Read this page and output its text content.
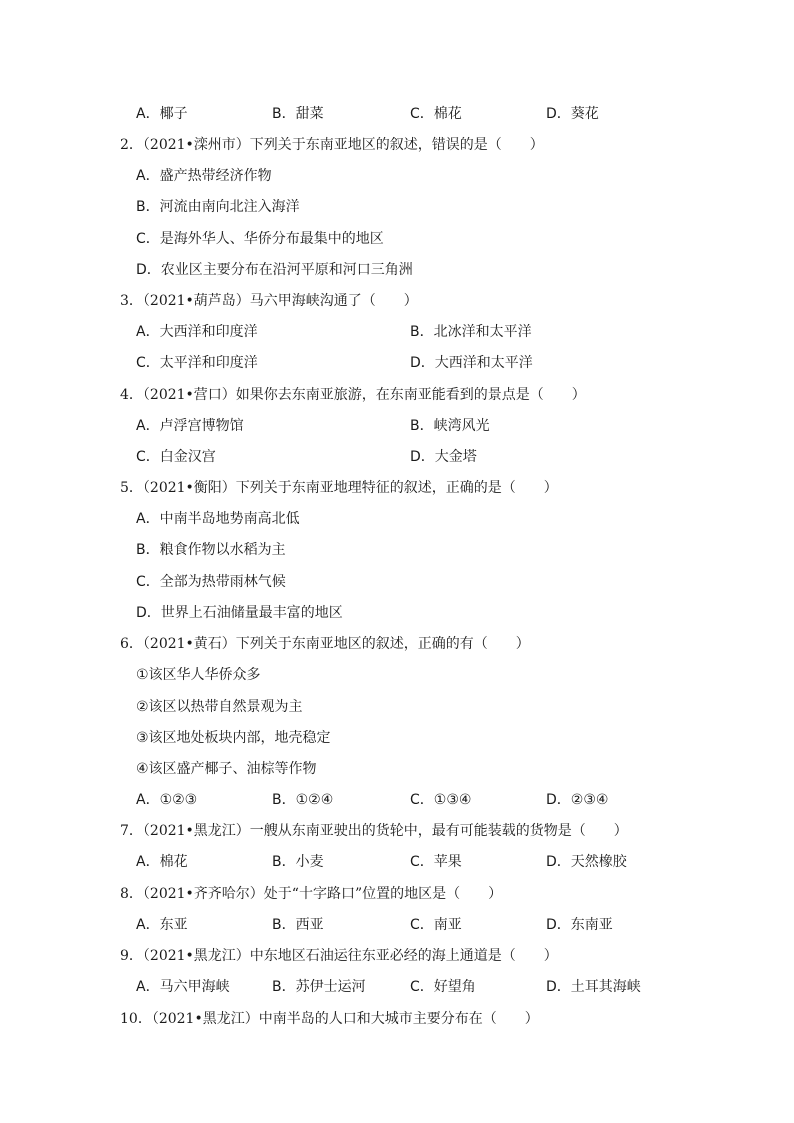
A．椰子	B．甜菜	C．棉花	D．葵花
2．（2021•滦州市）下列关于东南亚地区的叙述，错误的是（　　）
A．盛产热带经济作物
B．河流由南向北注入海洋
C．是海外华人、华侨分布最集中的地区
D．农业区主要分布在沿河平原和河口三角洲
3．（2021•葫芦岛）马六甲海峡沟通了（　　）
A．大西洋和印度洋	B．北冰洋和太平洋
C．太平洋和印度洋	D．大西洋和太平洋
4．（2021•营口）如果你去东南亚旅游，在东南亚能看到的景点是（　　）
A．卢浮宫博物馆	B．峡湾风光
C．白金汉宫	D．大金塔
5．（2021•衡阳）下列关于东南亚地理特征的叙述，正确的是（　　）
A．中南半岛地势南高北低
B．粮食作物以水稻为主
C．全部为热带雨林气候
D．世界上石油储量最丰富的地区
6．（2021•黄石）下列关于东南亚地区的叙述，正确的有（　　）
①该区华人华侨众多
②该区以热带自然景观为主
③该区地处板块内部，地壳稳定
④该区盛产椰子、油棕等作物
A．①②③	B．①②④	C．①③④	D．②③④
7．（2021•黑龙江）一艘从东南亚驶出的货轮中，最有可能装载的货物是（　　）
A．棉花	B．小麦	C．苹果	D．天然橡胶
8．（2021•齐齐哈尔）处于“十字路口”位置的地区是（　　）
A．东亚	B．西亚	C．南亚	D．东南亚
9．（2021•黑龙江）中东地区石油运往东亚必经的海上通道是（　　）
A．马六甲海峡	B．苏伊士运河	C．好望角	D．土耳其海峡
10．（2021•黑龙江）中南半岛的人口和大城市主要分布在（　　）
